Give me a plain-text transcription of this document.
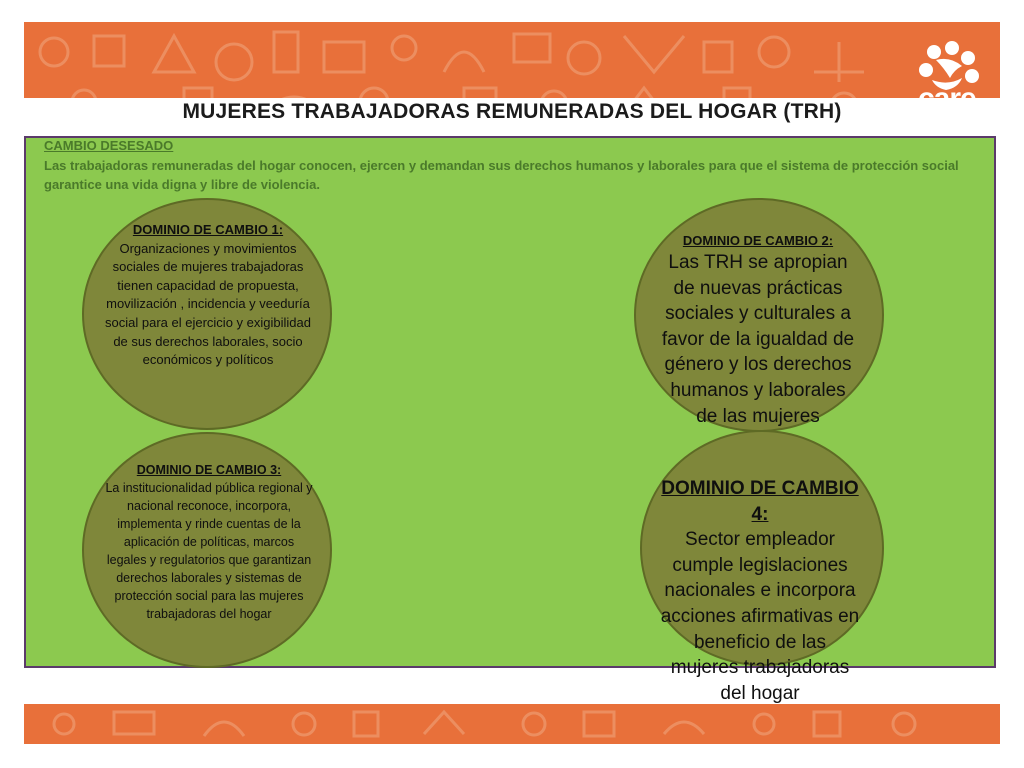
MUJERES TRABAJADORAS REMUNERADAS DEL HOGAR (TRH)
CAMBIO DESESADO
Las trabajadoras remuneradas del hogar conocen, ejercen y demandan sus derechos humanos y laborales para que el sistema de protección social garantice una vida digna y libre de violencia.
DOMINIO DE CAMBIO 1:
Organizaciones y movimientos sociales de mujeres trabajadoras tienen capacidad de propuesta, movilización , incidencia y veeduría social para el ejercicio y exigibilidad de sus derechos laborales, socio económicos y políticos
DOMINIO DE CAMBIO 2:
Las TRH se apropian de nuevas prácticas sociales y culturales a favor de la igualdad de género y los derechos humanos y laborales de las mujeres
DOMINIO DE CAMBIO 3:
La institucionalidad pública regional y nacional reconoce, incorpora, implementa y rinde cuentas de la aplicación de políticas, marcos legales y regulatorios que garantizan derechos laborales y sistemas de protección social para las mujeres trabajadoras del hogar
DOMINIO DE CAMBIO 4:
Sector empleador cumple legislaciones nacionales e incorpora acciones afirmativas en beneficio de las mujeres trabajadoras del hogar
